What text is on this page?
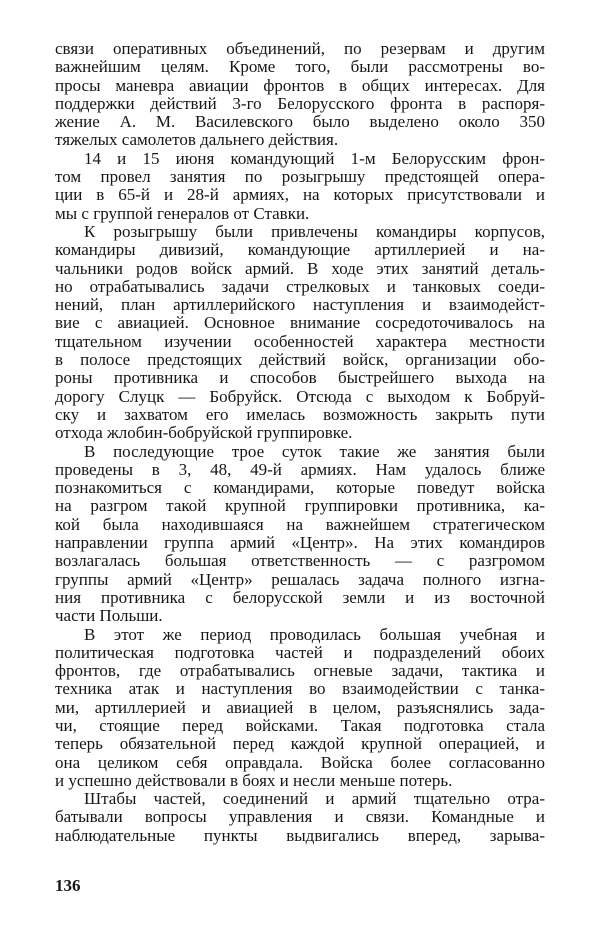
связи оперативных объединений, по резервам и другим
важнейшим целям. Кроме того, были рассмотрены во-
просы маневра авиации фронтов в общих интересах. Для
поддержки действий 3-го Белорусского фронта в распоря-
жение А. М. Василевского было выделено около 350
тяжелых самолетов дальнего действия.
14 и 15 июня командующий 1-м Белорусским фрон-
том провел занятия по розыгрышу предстоящей опера-
ции в 65-й и 28-й армиях, на которых присутствовали и
мы с группой генералов от Ставки.
К розыгрышу были привлечены командиры корпусов,
командиры дивизий, командующие артиллерией и на-
чальники родов войск армий. В ходе этих занятий деталь-
но отрабатывались задачи стрелковых и танковых соеди-
нений, план артиллерийского наступления и взаимодейст-
вие с авиацией. Основное внимание сосредоточивалось на
тщательном изучении особенностей характера местности
в полосе предстоящих действий войск, организации обо-
роны противника и способов быстрейшего выхода на
дорогу Слуцк — Бобруйск. Отсюда с выходом к Бобруй-
ску и захватом его имелась возможность закрыть пути
отхода жлобин-бобруйской группировке.
В последующие трое суток такие же занятия были
проведены в 3, 48, 49-й армиях. Нам удалось ближе
познакомиться с командирами, которые поведут войска
на разгром такой крупной группировки противника, ка-
кой была находившаяся на важнейшем стратегическом
направлении группа армий «Центр». На этих командиров
возлагалась большая ответственность — с разгромом
группы армий «Центр» решалась задача полного изгна-
ния противника с белорусской земли и из восточной
части Польши.
В этот же период проводилась большая учебная и
политическая подготовка частей и подразделений обоих
фронтов, где отрабатывались огневые задачи, тактика и
техника атак и наступления во взаимодействии с танка-
ми, артиллерией и авиацией в целом, разъяснялись зада-
чи, стоящие перед войсками. Такая подготовка стала
теперь обязательной перед каждой крупной операцией, и
она целиком себя оправдала. Войска более согласованно
и успешно действовали в боях и несли меньше потерь.
Штабы частей, соединений и армий тщательно отра-
батывали вопросы управления и связи. Командные и
наблюдательные пункты выдвигались вперед, зарыва-
136
